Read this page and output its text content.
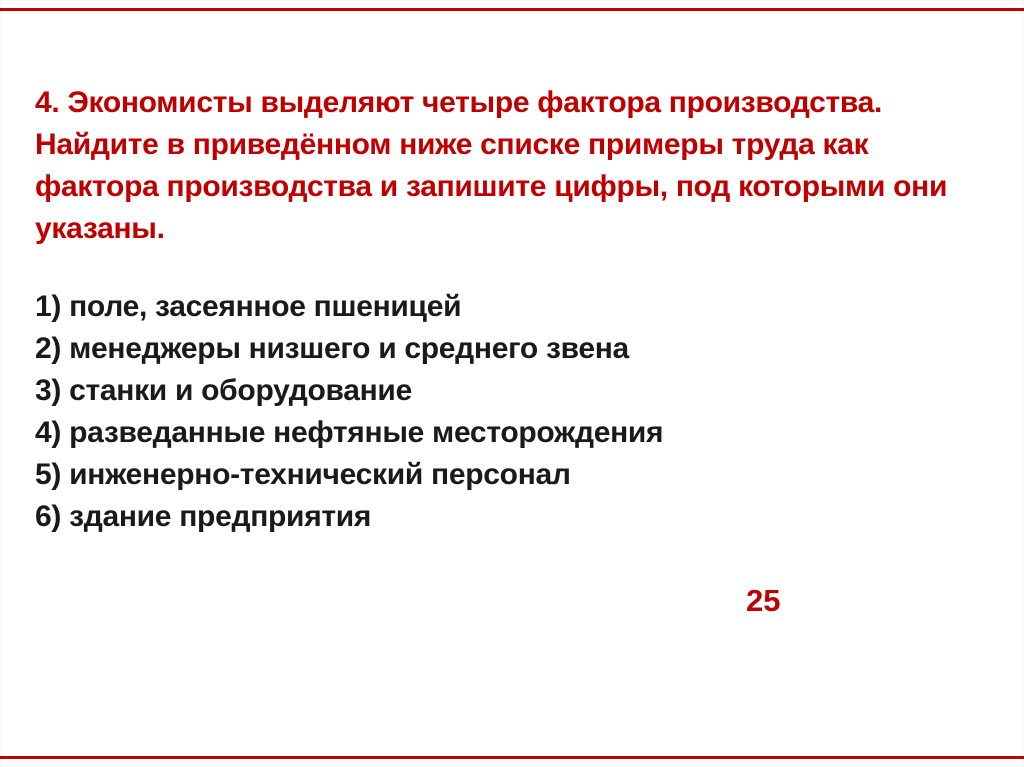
4. Экономисты выделяют четыре фактора производства.
Найдите в приведённом ниже списке примеры труда как
фактора производства и запишите цифры, под которыми они
указаны.
1) поле, засеянное пшеницей
2) менеджеры низшего и среднего звена
3) станки и оборудование
4) разведанные нефтяные месторождения
5) инженерно-технический персонал
6) здание предприятия
25
